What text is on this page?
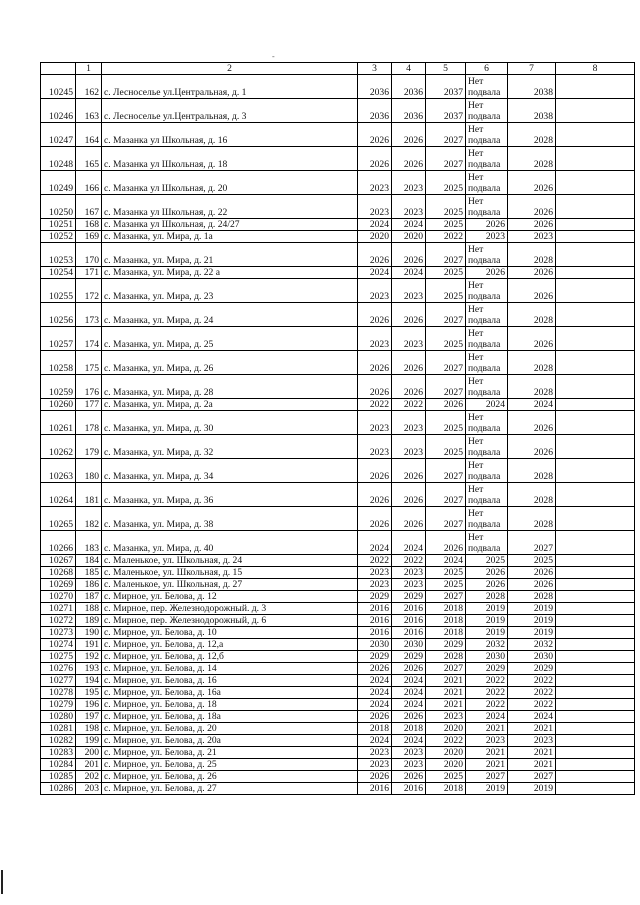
-
	1	2	3	4	5	6	7	8
10245	162	с. Лесноселье ул.Центральная, д. 1	2036	2036	2037	Нет подвала	2038	
10246	163	с. Лесноселье ул.Центральная, д. 3	2036	2036	2037	Нет подвала	2038	
10247	164	с. Мазанка ул Школьная, д. 16	2026	2026	2027	Нет подвала	2028	
10248	165	с. Мазанка ул Школьная, д. 18	2026	2026	2027	Нет подвала	2028	
10249	166	с. Мазанка ул Школьная, д. 20	2023	2023	2025	Нет подвала	2026	
10250	167	с. Мазанка ул Школьная, д. 22	2023	2023	2025	Нет подвала	2026	
10251	168	с. Мазанка ул Школьная, д. 24/27	2024	2024	2025	2026	2026	
10252	169	с. Мазанка, ул. Мира, д. 1а	2020	2020	2022	2023	2023	
10253	170	с. Мазанка, ул. Мира, д. 21	2026	2026	2027	Нет подвала	2028	
10254	171	с. Мазанка, ул. Мира, д. 22 а	2024	2024	2025	2026	2026	
10255	172	с. Мазанка, ул. Мира, д. 23	2023	2023	2025	Нет подвала	2026	
10256	173	с. Мазанка, ул. Мира, д. 24	2026	2026	2027	Нет подвала	2028	
10257	174	с. Мазанка, ул. Мира, д. 25	2023	2023	2025	Нет подвала	2026	
10258	175	с. Мазанка, ул. Мира, д. 26	2026	2026	2027	Нет подвала	2028	
10259	176	с. Мазанка, ул. Мира, д. 28	2026	2026	2027	Нет подвала	2028	
10260	177	с. Мазанка, ул. Мира, д. 2а	2022	2022	2026	2024	2024	
10261	178	с. Мазанка, ул. Мира, д. 30	2023	2023	2025	Нет подвала	2026	
10262	179	с. Мазанка, ул. Мира, д. 32	2023	2023	2025	Нет подвала	2026	
10263	180	с. Мазанка, ул. Мира, д. 34	2026	2026	2027	Нет подвала	2028	
10264	181	с. Мазанка, ул. Мира, д. 36	2026	2026	2027	Нет подвала	2028	
10265	182	с. Мазанка, ул. Мира, д. 38	2026	2026	2027	Нет подвала	2028	
10266	183	с. Мазанка, ул. Мира, д. 40	2024	2024	2026	Нет подвала	2027	
10267	184	с. Маленькое, ул. Школьная, д. 24	2022	2022	2024	2025	2025	
10268	185	с. Маленькое, ул. Школьная, д. 15	2023	2023	2025	2026	2026	
10269	186	с. Маленькое, ул. Школьная, д. 27	2023	2023	2025	2026	2026	
10270	187	с. Мирное, ул. Белова, д. 12	2029	2029	2027	2028	2028	
10271	188	с. Мирное, пер. Железнодорожный. д. 3	2016	2016	2018	2019	2019	
10272	189	с. Мирное, пер. Железнодорожный, д. 6	2016	2016	2018	2019	2019	
10273	190	с. Мирное, ул. Белова, д. 10	2016	2016	2018	2019	2019	
10274	191	с. Мирное, ул. Белова, д. 12,а	2030	2030	2029	2032	2032	
10275	192	с. Мирное, ул. Белова, д. 12,б	2029	2029	2028	2030	2030	
10276	193	с. Мирное, ул. Белова, д. 14	2026	2026	2027	2029	2029	
10277	194	с. Мирное, ул. Белова, д. 16	2024	2024	2021	2022	2022	
10278	195	с. Мирное, ул. Белова, д. 16а	2024	2024	2021	2022	2022	
10279	196	с. Мирное, ул. Белова, д. 18	2024	2024	2021	2022	2022	
10280	197	с. Мирное, ул. Белова, д. 18а	2026	2026	2023	2024	2024	
10281	198	с. Мирное, ул. Белова, д. 20	2018	2018	2020	2021	2021	
10282	199	с. Мирное, ул. Белова, д. 20а	2024	2024	2022	2023	2023	
10283	200	с. Мирное, ул. Белова, д. 21	2023	2023	2020	2021	2021	
10284	201	с. Мирное, ул. Белова, д. 25	2023	2023	2020	2021	2021	
10285	202	с. Мирное, ул. Белова, д. 26	2026	2026	2025	2027	2027	
10286	203	с. Мирное, ул. Белова, д. 27	2016	2016	2018	2019	2019	
